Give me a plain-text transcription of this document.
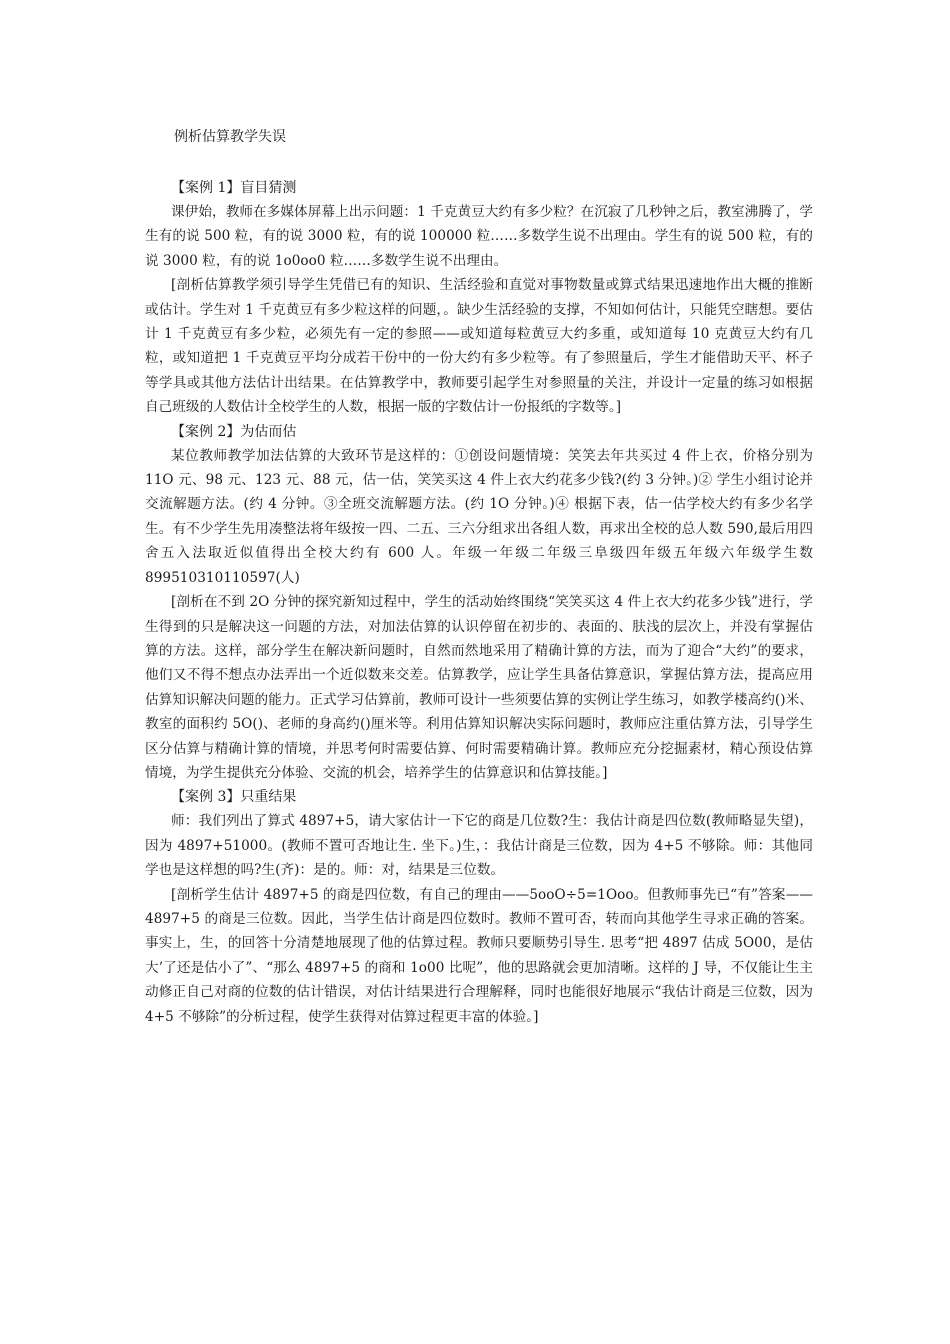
例析估算教学失误

【案例 1】盲目猜测

课伊始，教师在多媒体屏幕上出示问题：1 千克黄豆大约有多少粒？在沉寂了几秒钟之后，教室沸腾了，学生有的说 500 粒，有的说 3000 粒，有的说 100000 粒……多数学生说不出理由。学生有的说 500 粒，有的说 3000 粒，有的说 1o0oo0 粒……多数学生说不出理由。

[剖析估算教学须引导学生凭借已有的知识、生活经验和直觉对事物数量或算式结果迅速地作出大概的推断或估计。学生对 1 千克黄豆有多少粒这样的问题，。缺少生活经验的支撑，不知如何估计，只能凭空瞎想。要估计 1 千克黄豆有多少粒，必须先有一定的参照——或知道每粒黄豆大约多重，或知道每 10 克黄豆大约有几粒，或知道把 1 千克黄豆平均分成若干份中的一份大约有多少粒等。有了参照量后，学生才能借助天平、杯子等学具或其他方法估计出结果。在估算教学中，教师要引起学生对参照量的关注，并设计一定量的练习如根据自己班级的人数估计全校学生的人数，根据一版的字数估计一份报纸的字数等。]

【案例 2】为估而估

某位教师教学加法估算的大致环节是这样的：①创设问题情境：笑笑去年共买过 4 件上衣，价格分别为 11O 元、98 元、123 元、88 元，估一估，笑笑买这 4 件上衣大约花多少钱?(约 3 分钟。)② 学生小组讨论并交流解题方法。(约 4 分钟。③全班交流解题方法。(约 1O 分钟。)④ 根据下表，估一估学校大约有多少名学生。有不少学生先用凑整法将年级按一四、二五、三六分组求出各组人数，再求出全校的总人数 590,最后用四舍五入法取近似值得出全校大约有 600 人。年级一年级二年级三阜级四年级五年级六年级学生数 899510310110597(人)

[剖析在不到 2O 分钟的探究新知过程中，学生的活动始终围绕“笑笑买这 4 件上衣大约花多少钱”进行，学生得到的只是解决这一问题的方法，对加法估算的认识停留在初步的、表面的、肤浅的层次上，并没有掌握估算的方法。这样，部分学生在解决新问题时，自然而然地采用了精确计算的方法，而为了迎合“大约”的要求，他们又不得不想点办法弄出一个近似数来交差。估算教学，应让学生具备估算意识，掌握估算方法，提高应用估算知识解决问题的能力。正式学习估算前，教师可设计一些须要估算的实例让学生练习，如教学楼高约()米、教室的面积约 5O()、老师的身高约()厘米等。利用估算知识解决实际问题时，教师应注重估算方法，引导学生区分估算与精确计算的情境，并思考何时需要估算、何时需要精确计算。教师应充分挖掘素材，精心预设估算情境，为学生提供充分体验、交流的机会，培养学生的估算意识和估算技能。]

【案例 3】只重结果

师：我们列出了算式 4897+5，请大家估计一下它的商是几位数?生：我估计商是四位数(教师略显失望)，因为 4897+51000。(教师不置可否地让生. 坐下。)生，：我估计商是三位数，因为 4+5 不够除。师：其他同学也是这样想的吗?生(齐)：是的。师：对，结果是三位数。

[剖析学生估计 4897+5 的商是四位数，有自己的理由——5ooO÷5=1Ooo。但教师事先已“有”答案——4897+5 的商是三位数。因此，当学生估计商是四位数时。教师不置可否，转而向其他学生寻求正确的答案。事实上，生，的回答十分清楚地展现了他的估算过程。教师只要顺势引导生. 思考“把 4897 估成 5O00，是估大’了还是估小了”、“那么 4897+5 的商和 1o00 比呢”，他的思路就会更加清晰。这样的 J 导，不仅能让生主动修正自己对商的位数的估计错误，对估计结果进行合理解释，同时也能很好地展示“我估计商是三位数，因为 4+5 不够除”的分析过程，使学生获得对估算过程更丰富的体验。]
